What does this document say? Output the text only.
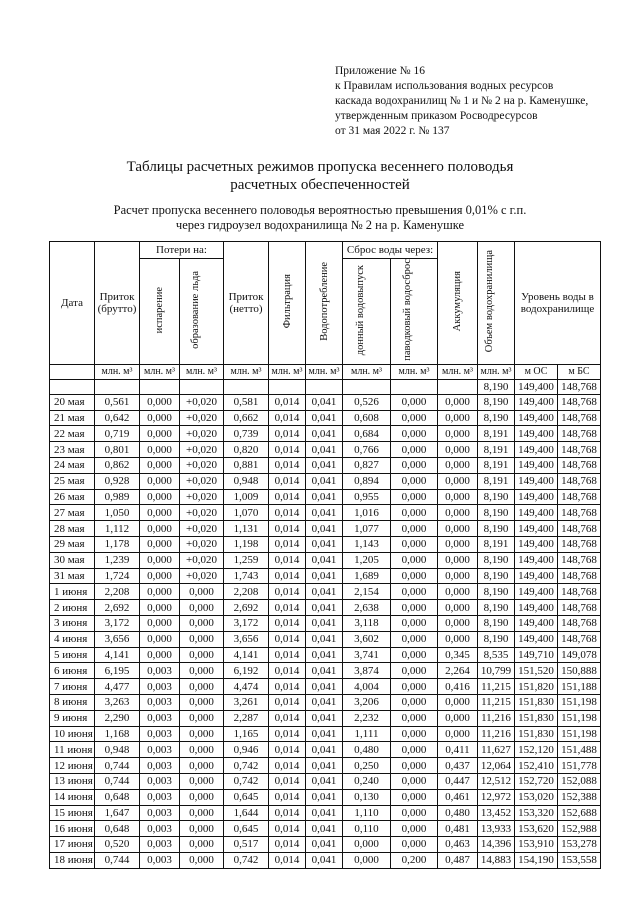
Приложение № 16
к Правилам использования водных ресурсов
каскада водохранилищ № 1 и № 2 на р. Каменушке,
утвержденным приказом Росводресурсов
от 31 мая 2022 г. № 137
Таблицы расчетных режимов пропуска весеннего половодья
расчетных обеспеченностей
Расчет пропуска весеннего половодья вероятностью превышения 0,01% с г.п.
через гидроузел водохранилища № 2 на р. Каменушке
Дата	Приток (брутто)	Потери на:		Приток (нетто)	Фильтрация	Водопотребление	Сброс воды через:		Аккумуляция	Объем водохранилища	Уровень воды в водохранилище	
		испарение	образование льда				донный водовыпуск	паводковый водосброс				
	млн. м³	млн. м³	млн. м³	млн. м³	млн. м³	млн. м³	млн. м³	млн. м³	млн. м³	млн. м³	м ОС	м БС
										8,190	149,400	148,768
20 мая	0,561	0,000	+0,020	0,581	0,014	0,041	0,526	0,000	0,000	8,190	149,400	148,768
21 мая	0,642	0,000	+0,020	0,662	0,014	0,041	0,608	0,000	0,000	8,190	149,400	148,768
22 мая	0,719	0,000	+0,020	0,739	0,014	0,041	0,684	0,000	0,000	8,191	149,400	148,768
23 мая	0,801	0,000	+0,020	0,820	0,014	0,041	0,766	0,000	0,000	8,191	149,400	148,768
24 мая	0,862	0,000	+0,020	0,881	0,014	0,041	0,827	0,000	0,000	8,191	149,400	148,768
25 мая	0,928	0,000	+0,020	0,948	0,014	0,041	0,894	0,000	0,000	8,191	149,400	148,768
26 мая	0,989	0,000	+0,020	1,009	0,014	0,041	0,955	0,000	0,000	8,190	149,400	148,768
27 мая	1,050	0,000	+0,020	1,070	0,014	0,041	1,016	0,000	0,000	8,190	149,400	148,768
28 мая	1,112	0,000	+0,020	1,131	0,014	0,041	1,077	0,000	0,000	8,190	149,400	148,768
29 мая	1,178	0,000	+0,020	1,198	0,014	0,041	1,143	0,000	0,000	8,191	149,400	148,768
30 мая	1,239	0,000	+0,020	1,259	0,014	0,041	1,205	0,000	0,000	8,190	149,400	148,768
31 мая	1,724	0,000	+0,020	1,743	0,014	0,041	1,689	0,000	0,000	8,190	149,400	148,768
1 июня	2,208	0,000	0,000	2,208	0,014	0,041	2,154	0,000	0,000	8,190	149,400	148,768
2 июня	2,692	0,000	0,000	2,692	0,014	0,041	2,638	0,000	0,000	8,190	149,400	148,768
3 июня	3,172	0,000	0,000	3,172	0,014	0,041	3,118	0,000	0,000	8,190	149,400	148,768
4 июня	3,656	0,000	0,000	3,656	0,014	0,041	3,602	0,000	0,000	8,190	149,400	148,768
5 июня	4,141	0,000	0,000	4,141	0,014	0,041	3,741	0,000	0,345	8,535	149,710	149,078
6 июня	6,195	0,003	0,000	6,192	0,014	0,041	3,874	0,000	2,264	10,799	151,520	150,888
7 июня	4,477	0,003	0,000	4,474	0,014	0,041	4,004	0,000	0,416	11,215	151,820	151,188
8 июня	3,263	0,003	0,000	3,261	0,014	0,041	3,206	0,000	0,000	11,215	151,830	151,198
9 июня	2,290	0,003	0,000	2,287	0,014	0,041	2,232	0,000	0,000	11,216	151,830	151,198
10 июня	1,168	0,003	0,000	1,165	0,014	0,041	1,111	0,000	0,000	11,216	151,830	151,198
11 июня	0,948	0,003	0,000	0,946	0,014	0,041	0,480	0,000	0,411	11,627	152,120	151,488
12 июня	0,744	0,003	0,000	0,742	0,014	0,041	0,250	0,000	0,437	12,064	152,410	151,778
13 июня	0,744	0,003	0,000	0,742	0,014	0,041	0,240	0,000	0,447	12,512	152,720	152,088
14 июня	0,648	0,003	0,000	0,645	0,014	0,041	0,130	0,000	0,461	12,972	153,020	152,388
15 июня	1,647	0,003	0,000	1,644	0,014	0,041	1,110	0,000	0,480	13,452	153,320	152,688
16 июня	0,648	0,003	0,000	0,645	0,014	0,041	0,110	0,000	0,481	13,933	153,620	152,988
17 июня	0,520	0,003	0,000	0,517	0,014	0,041	0,000	0,000	0,463	14,396	153,910	153,278
18 июня	0,744	0,003	0,000	0,742	0,014	0,041	0,000	0,200	0,487	14,883	154,190	153,558
